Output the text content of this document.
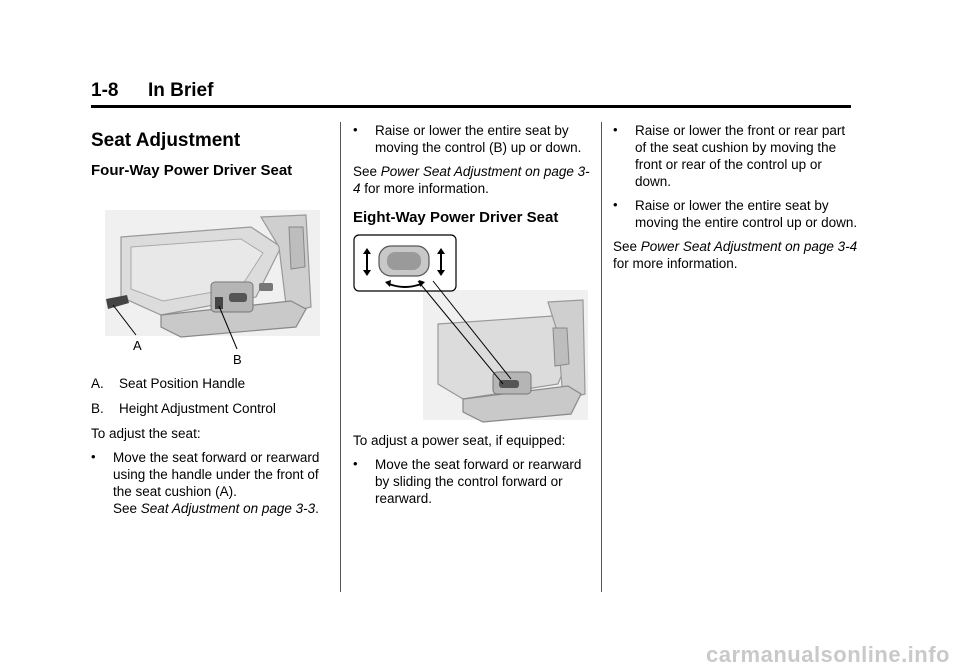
1-8 In Brief
Seat Adjustment
Four-Way Power Driver Seat
A
B
A. Seat Position Handle
B. Height Adjustment Control

To adjust the seat:

• Move the seat forward or rearward using the handle under the front of the seat cushion (A).
See Seat Adjustment on page 3-3.
• Raise or lower the entire seat by moving the control (B) up or down.

See Power Seat Adjustment on page 3-4 for more information.

Eight-Way Power Driver Seat

To adjust a power seat, if equipped:

• Move the seat forward or rearward by sliding the control forward or rearward.
• Raise or lower the front or rear part of the seat cushion by moving the front or rear of the control up or down.
• Raise or lower the entire seat by moving the entire control up or down.

See Power Seat Adjustment on page 3-4 for more information.

carmanualsonline.info
